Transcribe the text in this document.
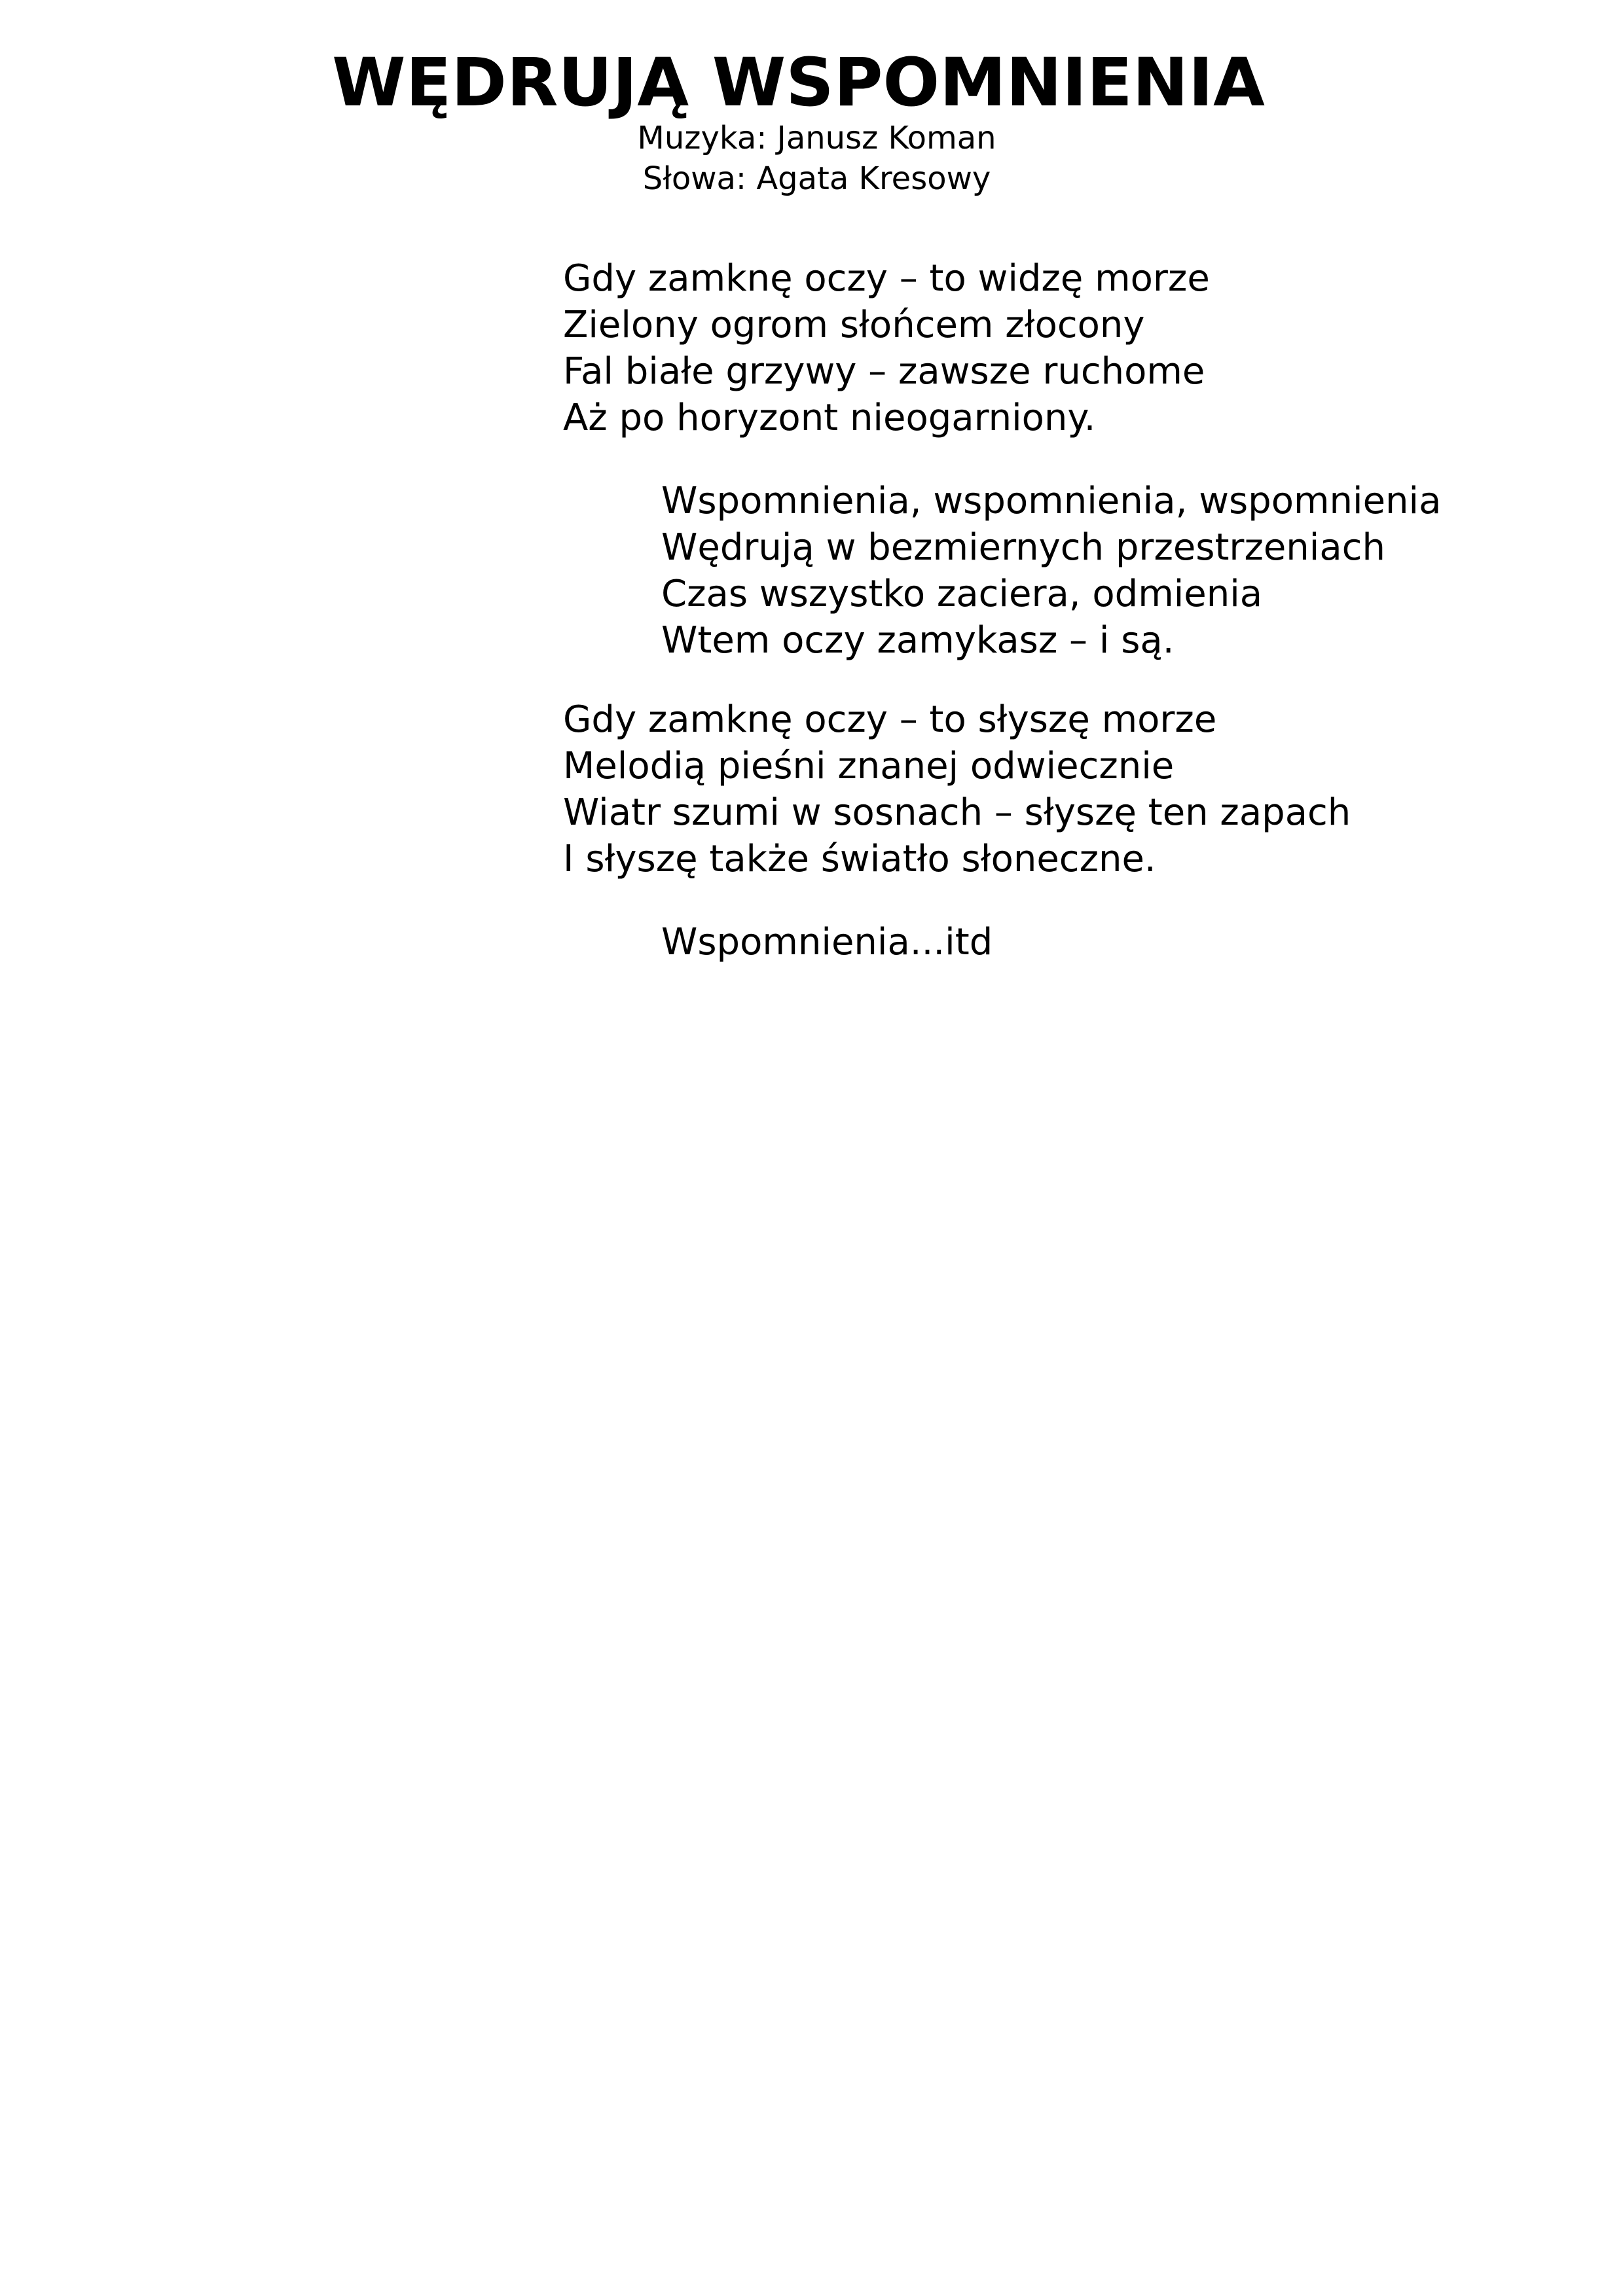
WĘDRUJĄ WSPOMNIENIA
Muzyka: Janusz Koman
Słowa: Agata Kresowy
Gdy zamknę oczy – to widzę morze
Zielony ogrom słońcem złocony
Fal białe grzywy – zawsze ruchome
Aż po horyzont nieogarniony.
Wspomnienia, wspomnienia, wspomnienia
Wędrują w bezmiernych przestrzeniach
Czas wszystko zaciera, odmienia
Wtem oczy zamykasz – i są.
Gdy zamknę oczy – to słyszę morze
Melodią pieśni znanej odwiecznie
Wiatr szumi w sosnach – słyszę ten zapach
I słyszę także światło słoneczne.
Wspomnienia...itd
